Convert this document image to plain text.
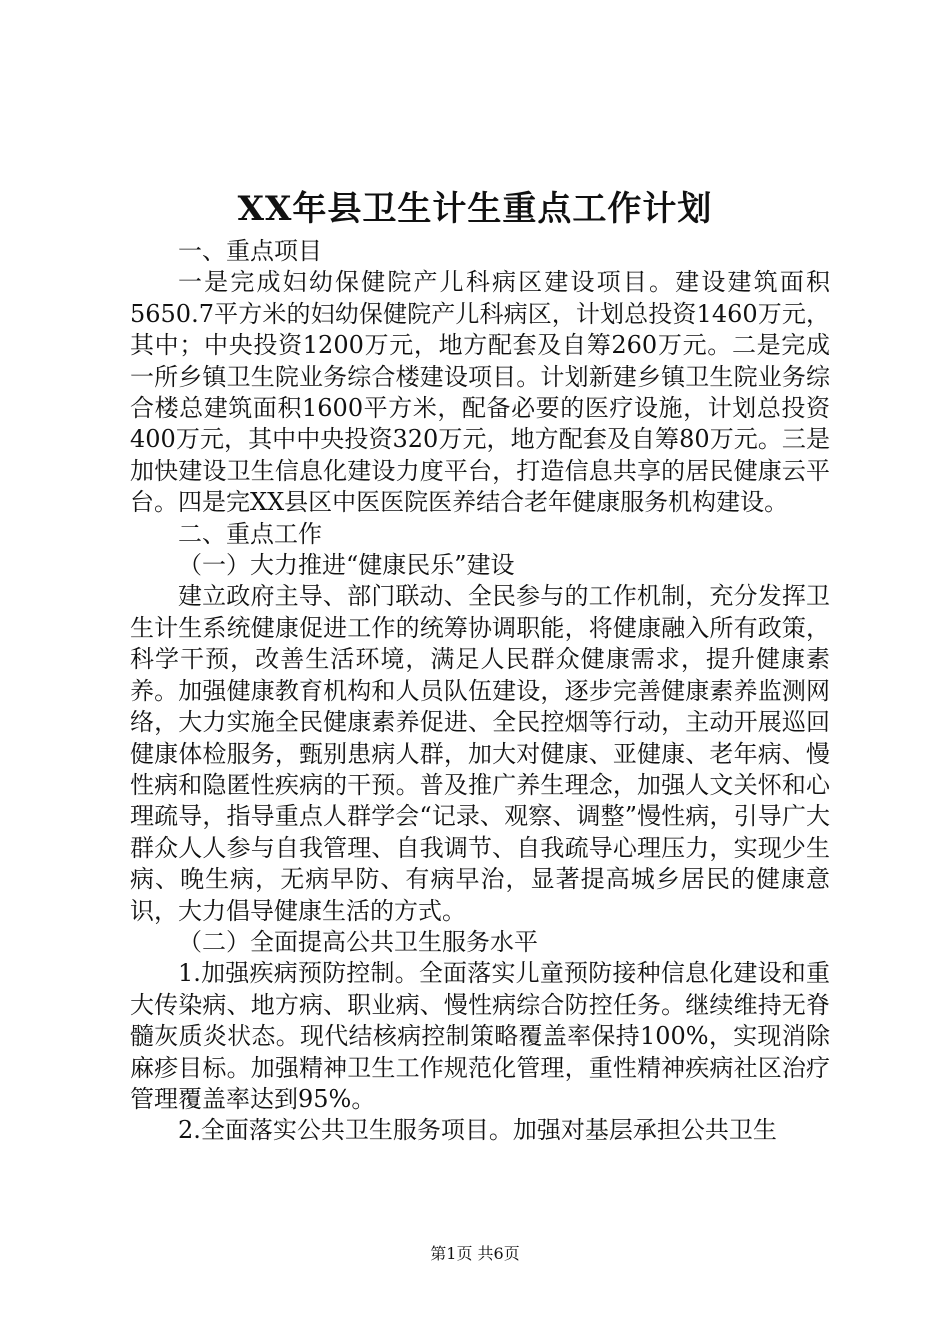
XX年县卫生计生重点工作计划

一、重点项目

一是完成妇幼保健院产儿科病区建设项目。建设建筑面积5650.7平方米的妇幼保健院产儿科病区，计划总投资1460万元，其中；中央投资1200万元，地方配套及自筹260万元。二是完成一所乡镇卫生院业务综合楼建设项目。计划新建乡镇卫生院业务综合楼总建筑面积1600平方米，配备必要的医疗设施，计划总投资400万元，其中中央投资320万元，地方配套及自筹80万元。三是加快建设卫生信息化建设力度平台，打造信息共享的居民健康云平台。四是完XX县区中医医院医养结合老年健康服务机构建设。

二、重点工作

（一）大力推进“健康民乐”建设

建立政府主导、部门联动、全民参与的工作机制，充分发挥卫生计生系统健康促进工作的统筹协调职能，将健康融入所有政策，科学干预，改善生活环境，满足人民群众健康需求，提升健康素养。加强健康教育机构和人员队伍建设，逐步完善健康素养监测网络，大力实施全民健康素养促进、全民控烟等行动，主动开展巡回健康体检服务，甄别患病人群，加大对健康、亚健康、老年病、慢性病和隐匿性疾病的干预。普及推广养生理念，加强人文关怀和心理疏导，指导重点人群学会“记录、观察、调整”慢性病，引导广大群众人人参与自我管理、自我调节、自我疏导心理压力，实现少生病、晚生病，无病早防、有病早治，显著提高城乡居民的健康意识，大力倡导健康生活的方式。

（二）全面提高公共卫生服务水平

1.加强疾病预防控制。全面落实儿童预防接种信息化建设和重大传染病、地方病、职业病、慢性病综合防控任务。继续维持无脊髓灰质炎状态。现代结核病控制策略覆盖率保持100%，实现消除麻疹目标。加强精神卫生工作规范化管理，重性精神疾病社区治疗管理覆盖率达到95%。

2.全面落实公共卫生服务项目。加强对基层承担公共卫生

第1页 共6页
